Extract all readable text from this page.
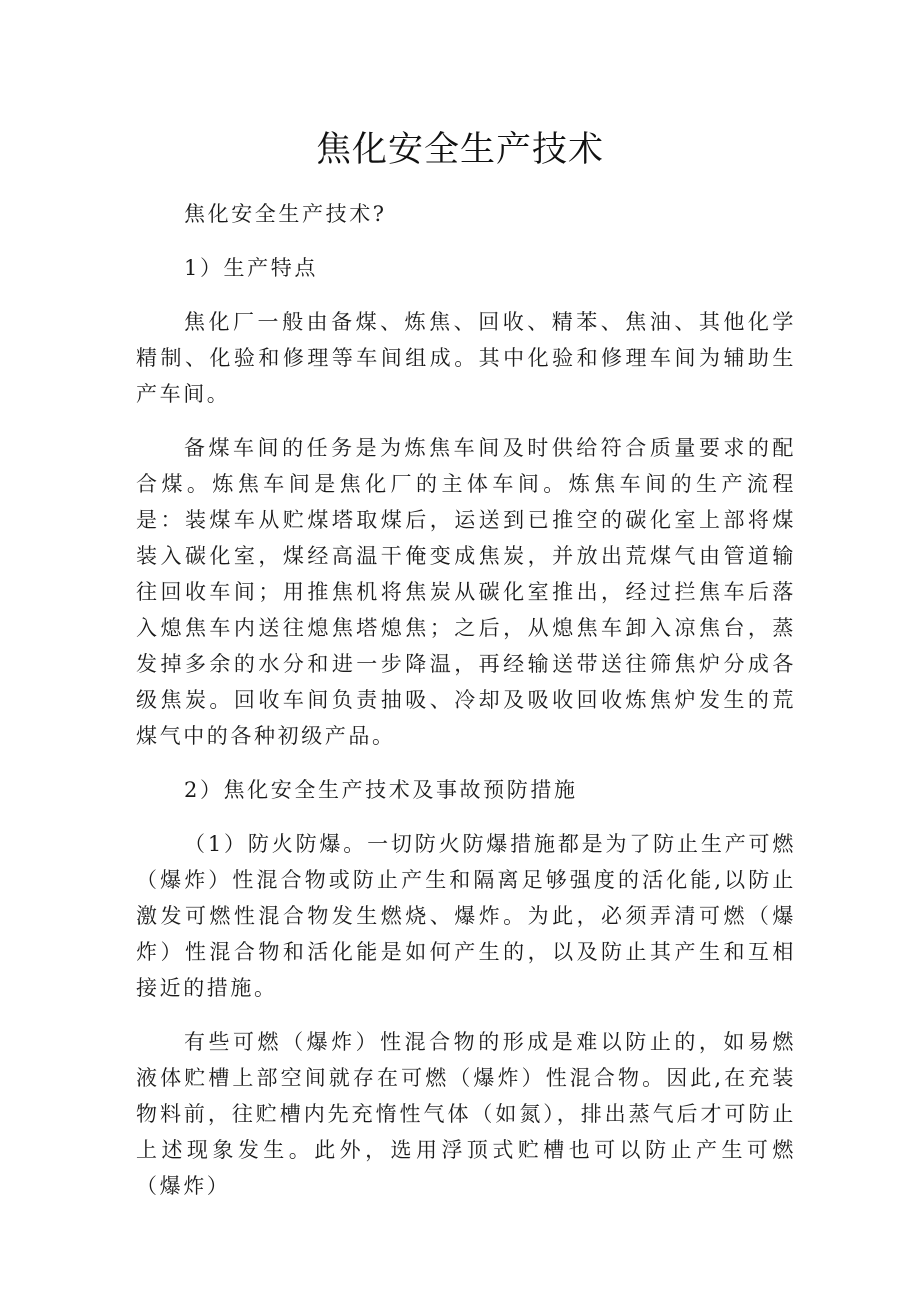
焦化安全生产技术

焦化安全生产技术?

1）生产特点

焦化厂一般由备煤、炼焦、回收、精苯、焦油、其他化学精制、化验和修理等车间组成。其中化验和修理车间为辅助生产车间。

备煤车间的任务是为炼焦车间及时供给符合质量要求的配合煤。炼焦车间是焦化厂的主体车间。炼焦车间的生产流程是：装煤车从贮煤塔取煤后，运送到已推空的碳化室上部将煤装入碳化室，煤经高温干俺变成焦炭，并放出荒煤气由管道输往回收车间；用推焦机将焦炭从碳化室推出，经过拦焦车后落入熄焦车内送往熄焦塔熄焦；之后，从熄焦车卸入凉焦台，蒸发掉多余的水分和进一步降温，再经输送带送往筛焦炉分成各级焦炭。回收车间负责抽吸、冷却及吸收回收炼焦炉发生的荒煤气中的各种初级产品。

2）焦化安全生产技术及事故预防措施

（1）防火防爆。一切防火防爆措施都是为了防止生产可燃（爆炸）性混合物或防止产生和隔离足够强度的活化能,以防止激发可燃性混合物发生燃烧、爆炸。为此，必须弄清可燃（爆炸）性混合物和活化能是如何产生的，以及防止其产生和互相接近的措施。

有些可燃（爆炸）性混合物的形成是难以防止的，如易燃液体贮槽上部空间就存在可燃（爆炸）性混合物。因此,在充装物料前，往贮槽内先充惰性气体（如氮），排出蒸气后才可防止上述现象发生。此外，选用浮顶式贮槽也可以防止产生可燃（爆炸）
